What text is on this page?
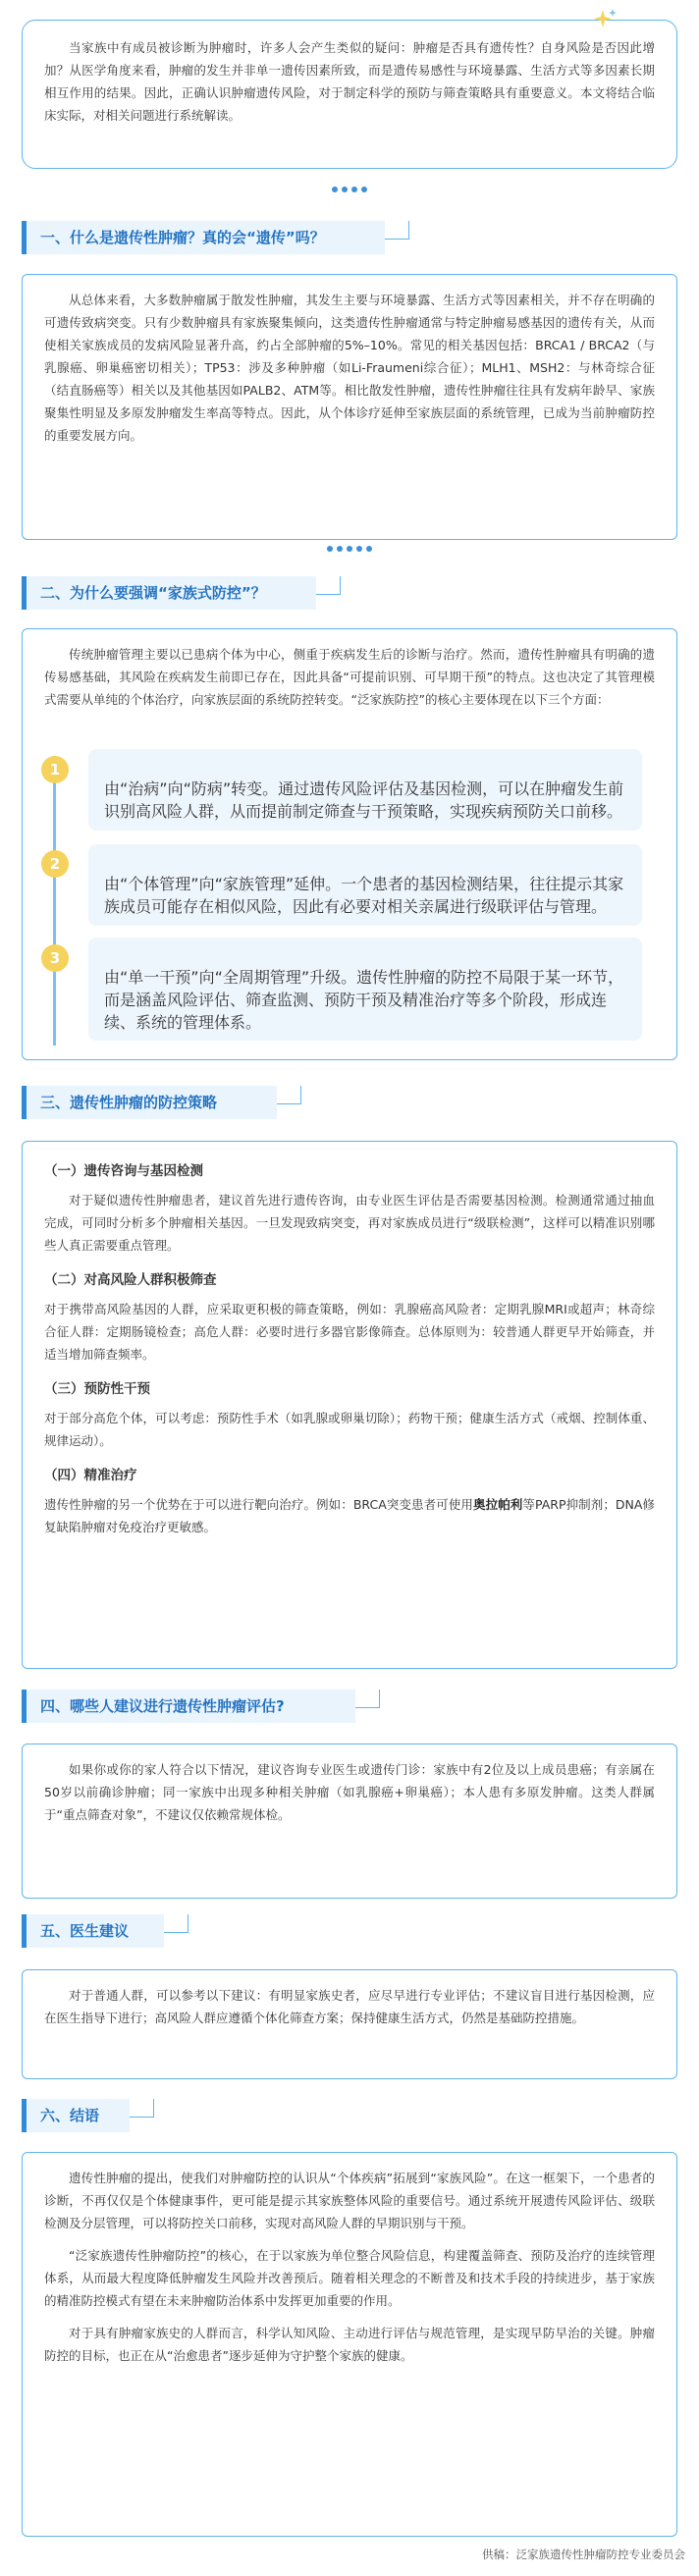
当家族中有成员被诊断为肿瘤时，许多人会产生类似的疑问：肿瘤是否具有遗传性？自身风险是否因此增加？从医学角度来看，肿瘤的发生并非单一遗传因素所致，而是遗传易感性与环境暴露、生活方式等多因素长期相互作用的结果。因此，正确认识肿瘤遗传风险，对于制定科学的预防与筛查策略具有重要意义。本文将结合临床实际，对相关问题进行系统解读。

一、什么是遗传性肿瘤？真的会“遗传”吗？

从总体来看，大多数肿瘤属于散发性肿瘤，其发生主要与环境暴露、生活方式等因素相关，并不存在明确的可遗传致病突变。只有少数肿瘤具有家族聚集倾向，这类遗传性肿瘤通常与特定肿瘤易感基因的遗传有关，从而使相关家族成员的发病风险显著升高，约占全部肿瘤的5%–10%。常见的相关基因包括：BRCA1 / BRCA2（与乳腺癌、卵巢癌密切相关）；TP53：涉及多种肿瘤（如Li-Fraumeni综合征）；MLH1、MSH2：与林奇综合征（结直肠癌等）相关以及其他基因如PALB2、ATM等。相比散发性肿瘤，遗传性肿瘤往往具有发病年龄早、家族聚集性明显及多原发肿瘤发生率高等特点。因此，从个体诊疗延伸至家族层面的系统管理，已成为当前肿瘤防控的重要发展方向。

二、为什么要强调“家族式防控”？

传统肿瘤管理主要以已患病个体为中心，侧重于疾病发生后的诊断与治疗。然而，遗传性肿瘤具有明确的遗传易感基础，其风险在疾病发生前即已存在，因此具备“可提前识别、可早期干预”的特点。这也决定了其管理模式需要从单纯的个体治疗，向家族层面的系统防控转变。“泛家族防控”的核心主要体现在以下三个方面：

1

由“治病”向“防病”转变。通过遗传风险评估及基因检测，可以在肿瘤发生前识别高风险人群，从而提前制定筛查与干预策略，实现疾病预防关口前移。

2

由“个体管理”向“家族管理”延伸。一个患者的基因检测结果，往往提示其家族成员可能存在相似风险，因此有必要对相关亲属进行级联评估与管理。

3

由“单一干预”向“全周期管理”升级。遗传性肿瘤的防控不局限于某一环节，而是涵盖风险评估、筛查监测、预防干预及精准治疗等多个阶段，形成连续、系统的管理体系。

三、遗传性肿瘤的防控策略
（一）遗传咨询与基因检测

对于疑似遗传性肿瘤患者，建议首先进行遗传咨询，由专业医生评估是否需要基因检测。检测通常通过抽血完成，可同时分析多个肿瘤相关基因。一旦发现致病突变，再对家族成员进行“级联检测”，这样可以精准识别哪些人真正需要重点管理。

（二）对高风险人群积极筛查

对于携带高风险基因的人群，应采取更积极的筛查策略，例如：乳腺癌高风险者：定期乳腺MRI或超声；林奇综合征人群：定期肠镜检查；高危人群：必要时进行多器官影像筛查。总体原则为：较普通人群更早开始筛查，并适当增加筛查频率。

（三）预防性干预

对于部分高危个体，可以考虑：预防性手术（如乳腺或卵巢切除）；药物干预；健康生活方式（戒烟、控制体重、规律运动）。

（四）精准治疗

遗传性肿瘤的另一个优势在于可以进行靶向治疗。例如：BRCA突变患者可使用奥拉帕利等PARP抑制剂；DNA修复缺陷肿瘤对免疫治疗更敏感。

四、哪些人建议进行遗传性肿瘤评估?

如果你或你的家人符合以下情况，建议咨询专业医生或遗传门诊：家族中有2位及以上成员患癌；有亲属在50岁以前确诊肿瘤；同一家族中出现多种相关肿瘤（如乳腺癌+卵巢癌）；本人患有多原发肿瘤。这类人群属于“重点筛查对象”，不建议仅依赖常规体检。

五、医生建议

对于普通人群，可以参考以下建议：有明显家族史者，应尽早进行专业评估；不建议盲目进行基因检测，应在医生指导下进行；高风险人群应遵循个体化筛查方案；保持健康生活方式，仍然是基础防控措施。

六、结语

遗传性肿瘤的提出，使我们对肿瘤防控的认识从“个体疾病”拓展到“家族风险”。在这一框架下，一个患者的诊断，不再仅仅是个体健康事件，更可能是提示其家族整体风险的重要信号。通过系统开展遗传风险评估、级联检测及分层管理，可以将防控关口前移，实现对高风险人群的早期识别与干预。

“泛家族遗传性肿瘤防控”的核心，在于以家族为单位整合风险信息，构建覆盖筛查、预防及治疗的连续管理体系，从而最大程度降低肿瘤发生风险并改善预后。随着相关理念的不断普及和技术手段的持续进步，基于家族的精准防控模式有望在未来肿瘤防治体系中发挥更加重要的作用。

对于具有肿瘤家族史的人群而言，科学认知风险、主动进行评估与规范管理，是实现早防早治的关键。肿瘤防控的目标，也正在从“治愈患者”逐步延伸为守护整个家族的健康。

供稿：泛家族遗传性肿瘤防控专业委员会
